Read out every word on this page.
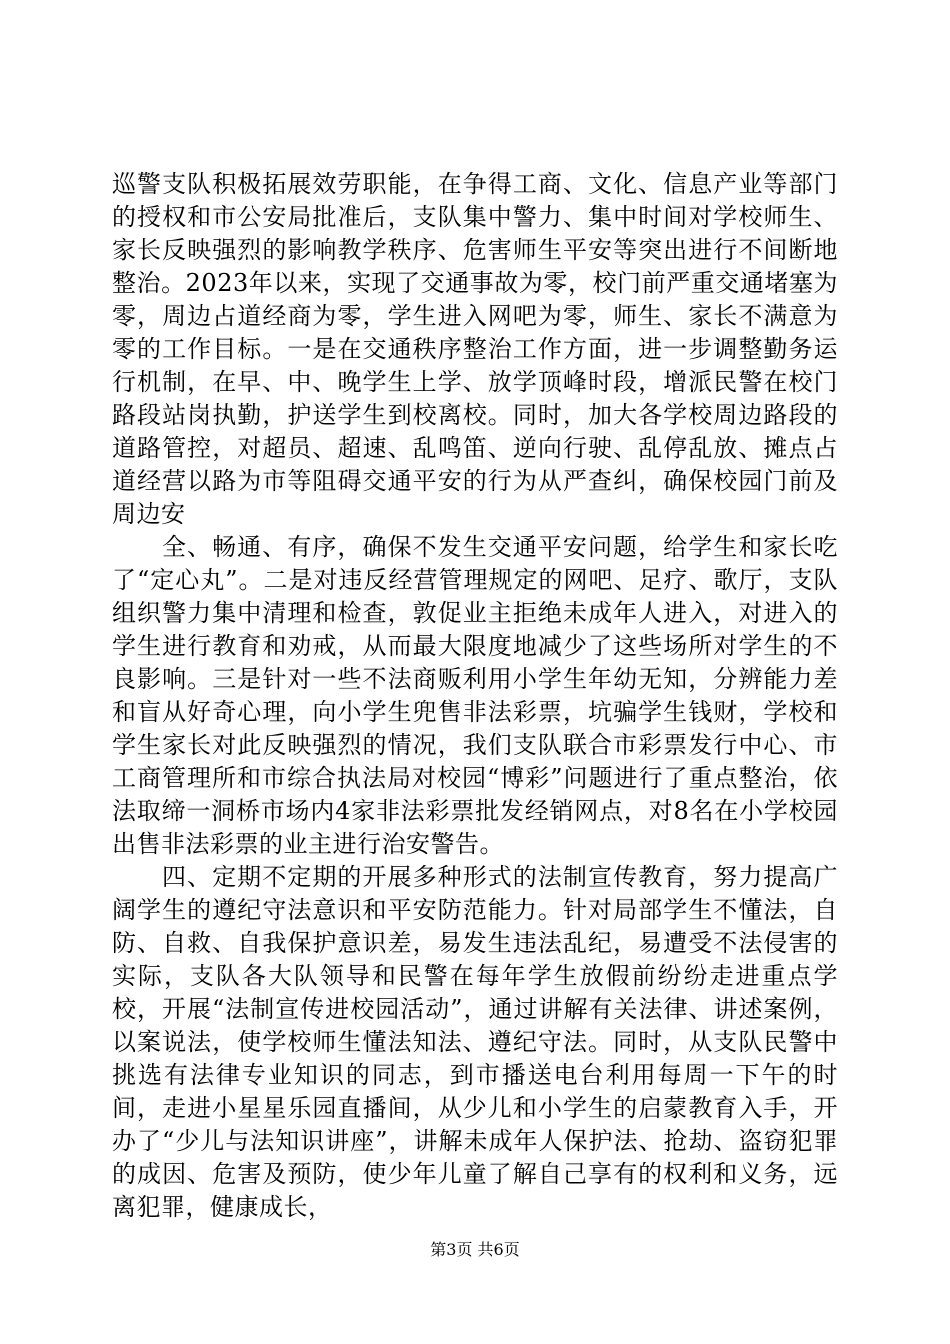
巡警支队积极拓展效劳职能，在争得工商、文化、信息产业等部门的授权和市公安局批准后，支队集中警力、集中时间对学校师生、家长反映强烈的影响教学秩序、危害师生平安等突出进行不间断地整治。2023年以来，实现了交通事故为零，校门前严重交通堵塞为零，周边占道经商为零，学生进入网吧为零，师生、家长不满意为零的工作目标。一是在交通秩序整治工作方面，进一步调整勤务运行机制，在早、中、晚学生上学、放学顶峰时段，增派民警在校门路段站岗执勤，护送学生到校离校。同时，加大各学校周边路段的道路管控，对超员、超速、乱鸣笛、逆向行驶、乱停乱放、摊点占道经营以路为市等阻碍交通平安的行为从严查纠，确保校园门前及周边安

全、畅通、有序，确保不发生交通平安问题，给学生和家长吃了“定心丸”。二是对违反经营管理规定的网吧、足疗、歌厅，支队组织警力集中清理和检查，敦促业主拒绝未成年人进入，对进入的学生进行教育和劝戒，从而最大限度地减少了这些场所对学生的不良影响。三是针对一些不法商贩利用小学生年幼无知，分辨能力差和盲从好奇心理，向小学生兜售非法彩票，坑骗学生钱财，学校和学生家长对此反映强烈的情况，我们支队联合市彩票发行中心、市工商管理所和市综合执法局对校园“博彩”问题进行了重点整治，依法取缔一洞桥市场内4家非法彩票批发经销网点，对8名在小学校园出售非法彩票的业主进行治安警告。

四、定期不定期的开展多种形式的法制宣传教育，努力提高广阔学生的遵纪守法意识和平安防范能力。针对局部学生不懂法，自防、自救、自我保护意识差，易发生违法乱纪，易遭受不法侵害的实际，支队各大队领导和民警在每年学生放假前纷纷走进重点学校，开展“法制宣传进校园活动”，通过讲解有关法律、讲述案例，以案说法，使学校师生懂法知法、遵纪守法。同时，从支队民警中挑选有法律专业知识的同志，到市播送电台利用每周一下午的时间，走进小星星乐园直播间，从少儿和小学生的启蒙教育入手，开办了“少儿与法知识讲座”，讲解未成年人保护法、抢劫、盗窃犯罪的成因、危害及预防，使少年儿童了解自己享有的权利和义务，远离犯罪，健康成长，

第3页 共6页
